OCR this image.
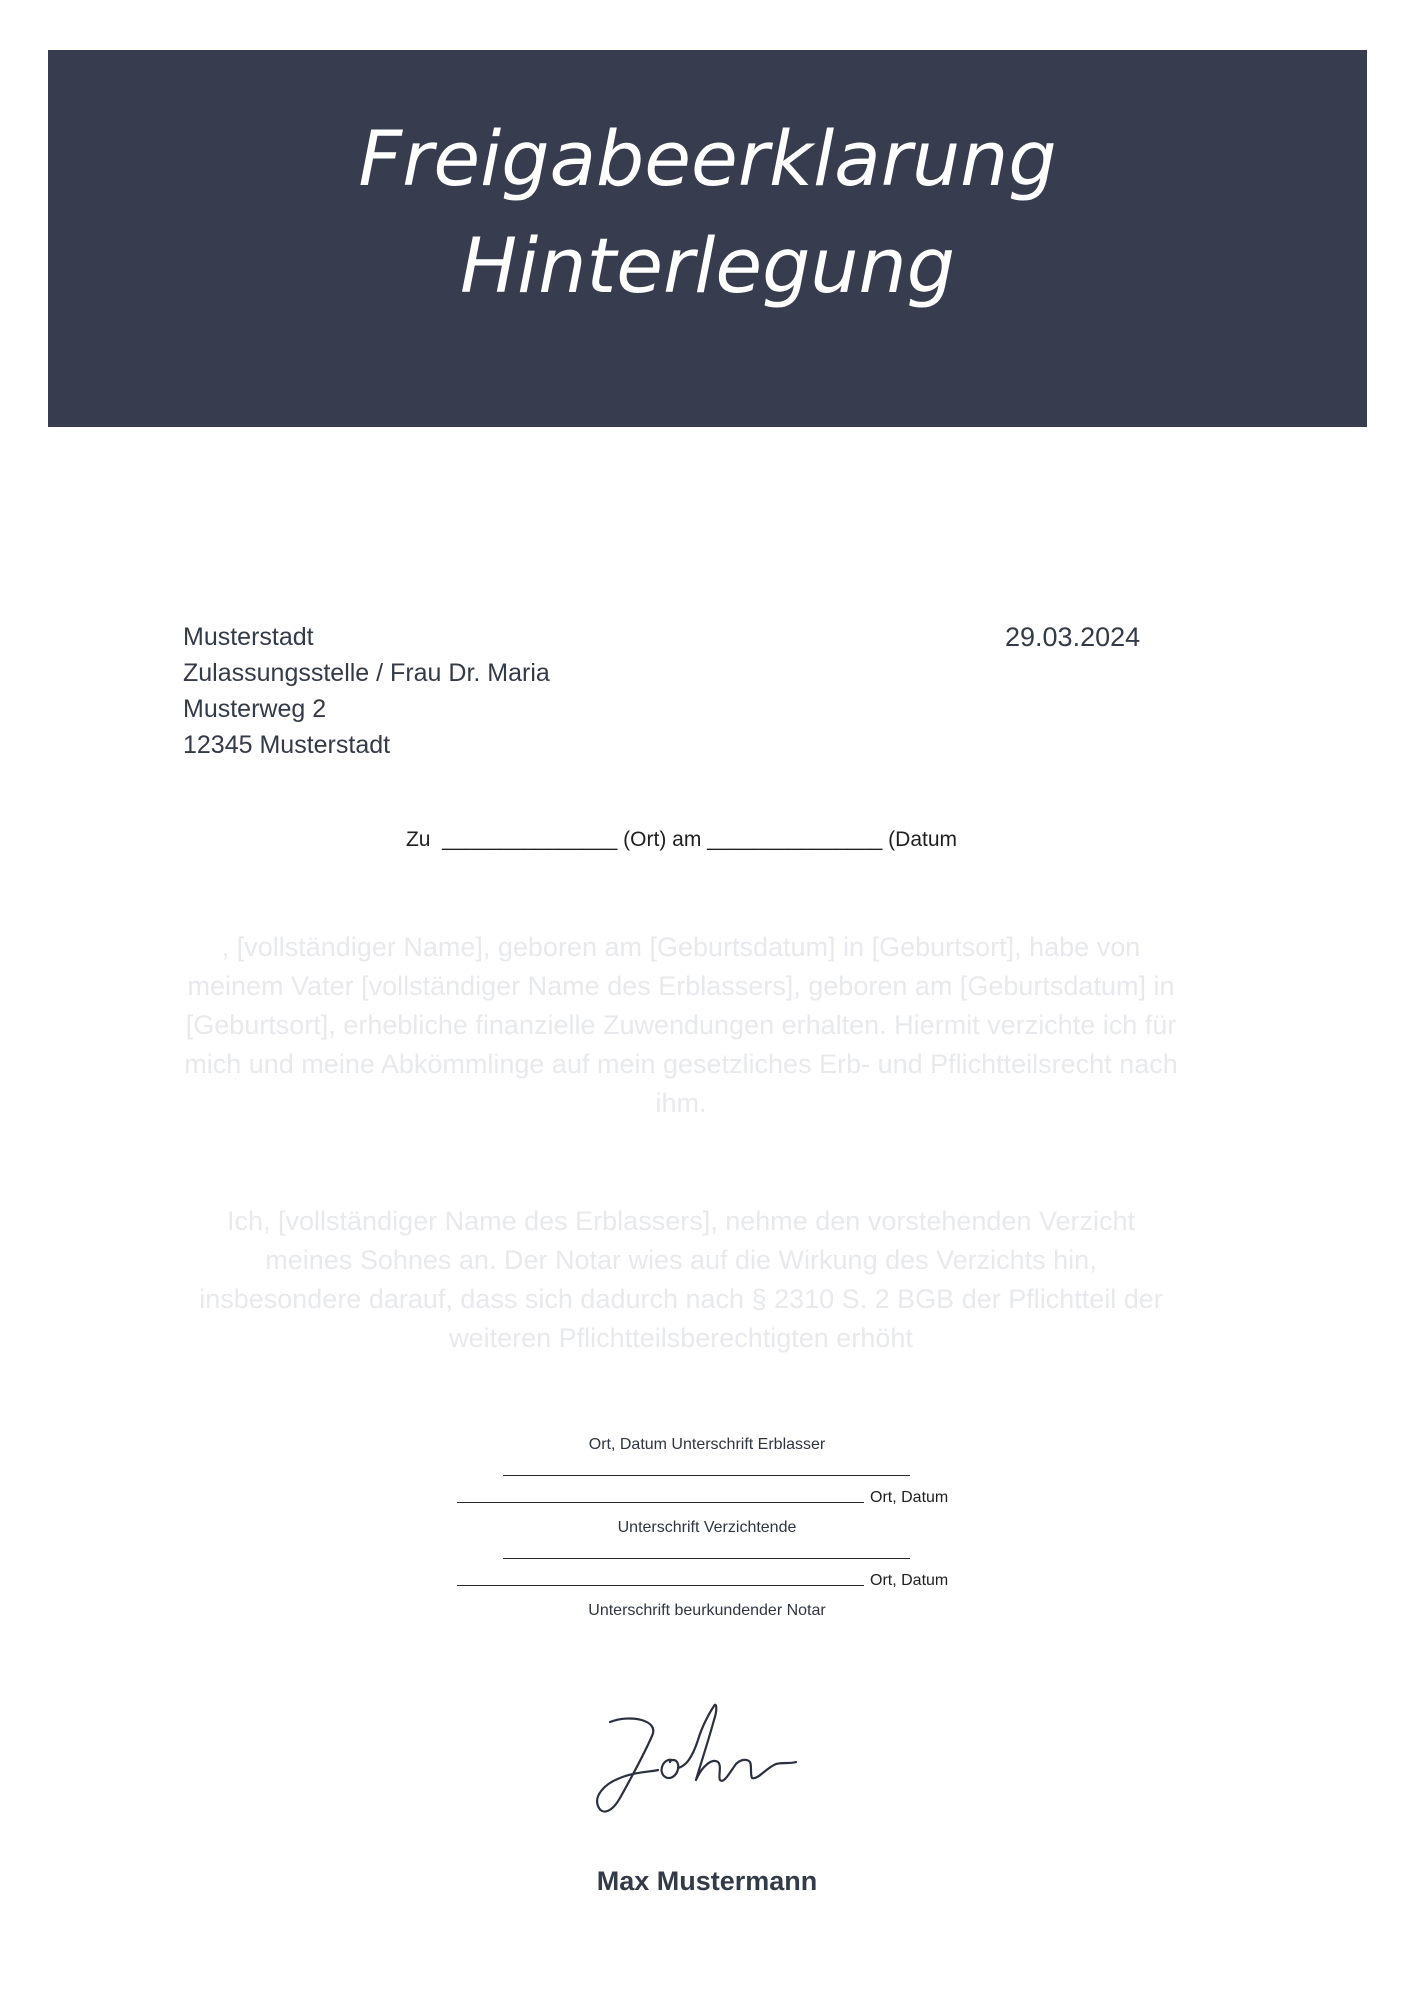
Freigabeerklarung
Hinterlegung
Musterstadt
Zulassungsstelle / Frau Dr. Maria
Musterweg 2
12345 Musterstadt
29.03.2024
Zu  _______________ (Ort) am _______________ (Datum

, [vollständiger Name], geboren am [Geburtsdatum] in [Geburtsort], habe von meinem Vater [vollständiger Name des Erblassers], geboren am [Geburtsdatum] in [Geburtsort], erhebliche finanzielle Zuwendungen erhalten. Hiermit verzichte ich für mich und meine Abkömmlinge auf mein gesetzliches Erb- und Pflichtteilsrecht nach ihm.

Ich, [vollständiger Name des Erblassers], nehme den vorstehenden Verzicht meines Sohnes an. Der Notar wies auf die Wirkung des Verzichts hin, insbesondere darauf, dass sich dadurch nach § 2310 S. 2 BGB der Pflichtteil der weiteren Pflichtteilsberechtigten erhöht

Ort, Datum Unterschrift Erblasser
Ort, Datum
Unterschrift Verzichtende
Ort, Datum
Unterschrift beurkundender Notar
Max Mustermann
